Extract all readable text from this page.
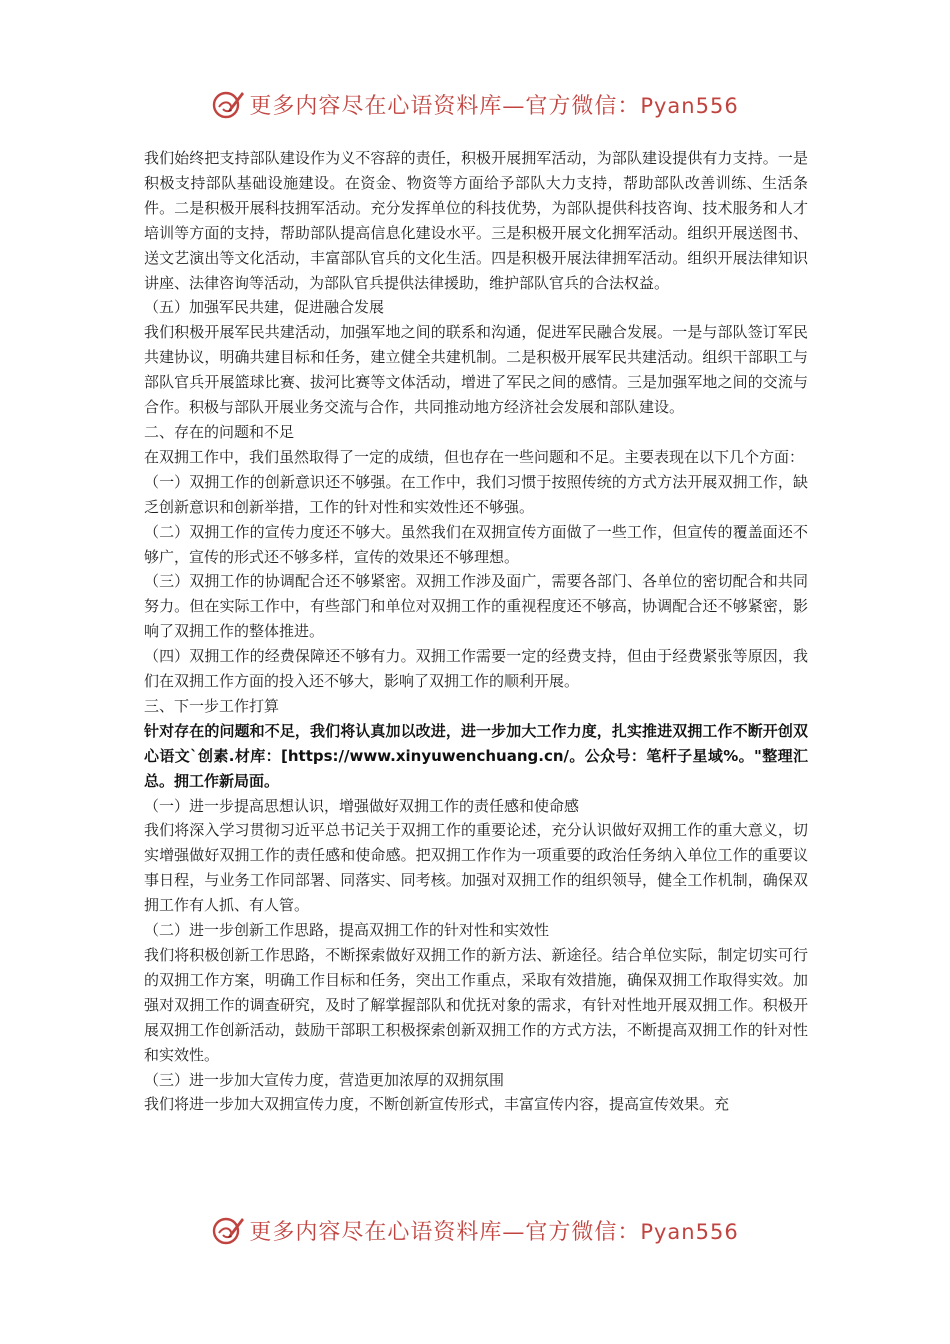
更多内容尽在心语资料库—官方微信：Pyan556

我们始终把支持部队建设作为义不容辞的责任，积极开展拥军活动，为部队建设提供有力支持。一是积极支持部队基础设施建设。在资金、物资等方面给予部队大力支持，帮助部队改善训练、生活条件。二是积极开展科技拥军活动。充分发挥单位的科技优势，为部队提供科技咨询、技术服务和人才培训等方面的支持，帮助部队提高信息化建设水平。三是积极开展文化拥军活动。组织开展送图书、送文艺演出等文化活动，丰富部队官兵的文化生活。四是积极开展法律拥军活动。组织开展法律知识讲座、法律咨询等活动，为部队官兵提供法律援助，维护部队官兵的合法权益。

（五）加强军民共建，促进融合发展

我们积极开展军民共建活动，加强军地之间的联系和沟通，促进军民融合发展。一是与部队签订军民共建协议，明确共建目标和任务，建立健全共建机制。二是积极开展军民共建活动。组织干部职工与部队官兵开展篮球比赛、拔河比赛等文体活动，增进了军民之间的感情。三是加强军地之间的交流与合作。积极与部队开展业务交流与合作，共同推动地方经济社会发展和部队建设。

二、存在的问题和不足

在双拥工作中，我们虽然取得了一定的成绩，但也存在一些问题和不足。主要表现在以下几个方面：

（一）双拥工作的创新意识还不够强。在工作中，我们习惯于按照传统的方式方法开展双拥工作，缺乏创新意识和创新举措，工作的针对性和实效性还不够强。

（二）双拥工作的宣传力度还不够大。虽然我们在双拥宣传方面做了一些工作，但宣传的覆盖面还不够广，宣传的形式还不够多样，宣传的效果还不够理想。

（三）双拥工作的协调配合还不够紧密。双拥工作涉及面广，需要各部门、各单位的密切配合和共同努力。但在实际工作中，有些部门和单位对双拥工作的重视程度还不够高，协调配合还不够紧密，影响了双拥工作的整体推进。

（四）双拥工作的经费保障还不够有力。双拥工作需要一定的经费支持，但由于经费紧张等原因，我们在双拥工作方面的投入还不够大，影响了双拥工作的顺利开展。

三、下一步工作打算

针对存在的问题和不足，我们将认真加以改进，进一步加大工作力度，扎实推进双拥工作不断开创双心语文`创素.材库：[https://www.xinyuwenchuang.cn/。公众号：笔杆子星域%。"整理汇总。拥工作新局面。

（一）进一步提高思想认识，增强做好双拥工作的责任感和使命感

我们将深入学习贯彻习近平总书记关于双拥工作的重要论述，充分认识做好双拥工作的重大意义，切实增强做好双拥工作的责任感和使命感。把双拥工作作为一项重要的政治任务纳入单位工作的重要议事日程，与业务工作同部署、同落实、同考核。加强对双拥工作的组织领导，健全工作机制，确保双拥工作有人抓、有人管。

（二）进一步创新工作思路，提高双拥工作的针对性和实效性

我们将积极创新工作思路，不断探索做好双拥工作的新方法、新途径。结合单位实际，制定切实可行的双拥工作方案，明确工作目标和任务，突出工作重点，采取有效措施，确保双拥工作取得实效。加强对双拥工作的调查研究，及时了解掌握部队和优抚对象的需求，有针对性地开展双拥工作。积极开展双拥工作创新活动，鼓励干部职工积极探索创新双拥工作的方式方法，不断提高双拥工作的针对性和实效性。

（三）进一步加大宣传力度，营造更加浓厚的双拥氛围

我们将进一步加大双拥宣传力度，不断创新宣传形式，丰富宣传内容，提高宣传效果。充

更多内容尽在心语资料库—官方微信：Pyan556
